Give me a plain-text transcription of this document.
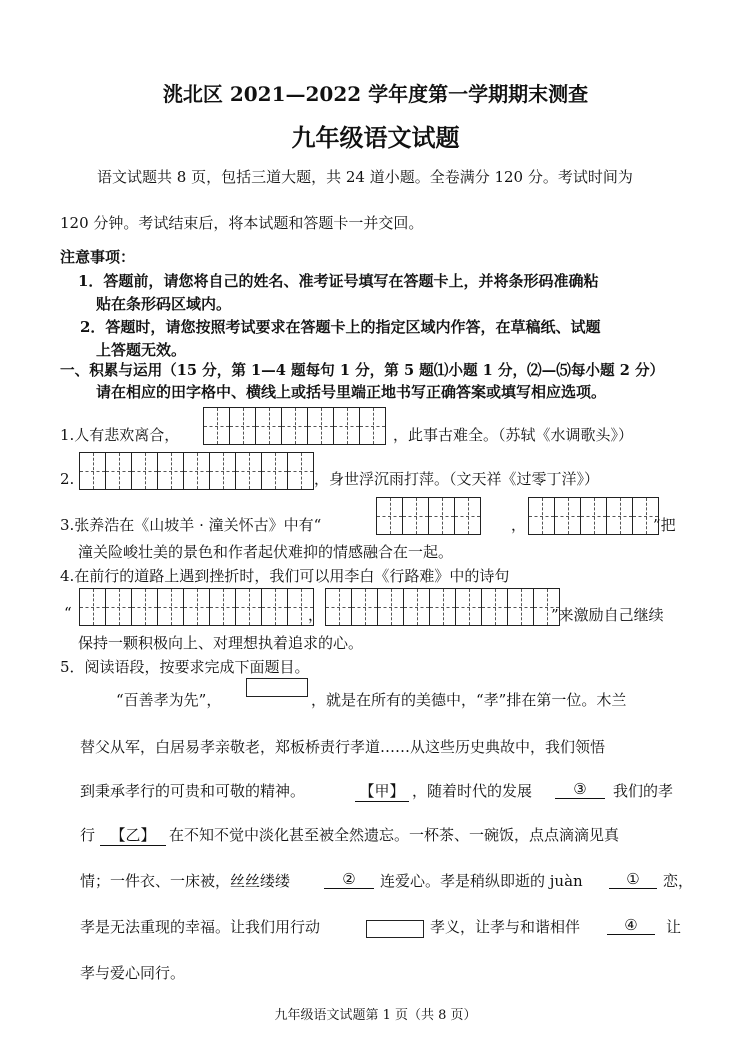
洮北区 2021—2022 学年度第一学期期末测查
九年级语文试题
语文试题共 8 页，包括三道大题，共 24 道小题。全卷满分 120 分。考试时间为
120 分钟。考试结束后，将本试题和答题卡一并交回。
注意事项：
1．答题前，请您将自己的姓名、准考证号填写在答题卡上，并将条形码准确粘
贴在条形码区域内。
2．答题时，请您按照考试要求在答题卡上的指定区域内作答，在草稿纸、试题
上答题无效。
一、积累与运用（15 分，第 1—4 题每句 1 分，第 5 题⑴小题 1 分，⑵—⑸每小题 2 分）
请在相应的田字格中、横线上或括号里端正地书写正确答案或填写相应选项。
1.人有悲欢离合，	，此事古难全。（苏轼《水调歌头》）
2.	，身世浮沉雨打萍。（文天祥《过零丁洋》）
3.张养浩在《山坡羊 · 潼关怀古》中有“	，	”把
潼关险峻壮美的景色和作者起伏难抑的情感融合在一起。
4.在前行的道路上遇到挫折时，我们可以用李白《行路难》中的诗句
“	，	”来激励自己继续
保持一颗积极向上、对理想执着追求的心。
5．阅读语段，按要求完成下面题目。
“百善孝为先”，	，就是在所有的美德中，“孝”排在第一位。木兰
替父从军，白居易孝亲敬老，郑板桥责行孝道……从这些历史典故中，我们领悟
到秉承孝行的可贵和可敬的精神。	【甲】 ，随着时代的发展	③	我们的孝
行	【乙】 在不知不觉中淡化甚至被全然遗忘。一杯茶、一碗饭，点点滴滴见真
情；一件衣、一床被，丝丝缕缕	②	连爱心。孝是稍纵即逝的 juàn	①	恋，
孝是无法重现的幸福。让我们用行动	孝义，让孝与和谐相伴	④	让
孝与爱心同行。
九年级语文试题第 1 页（共 8 页）
